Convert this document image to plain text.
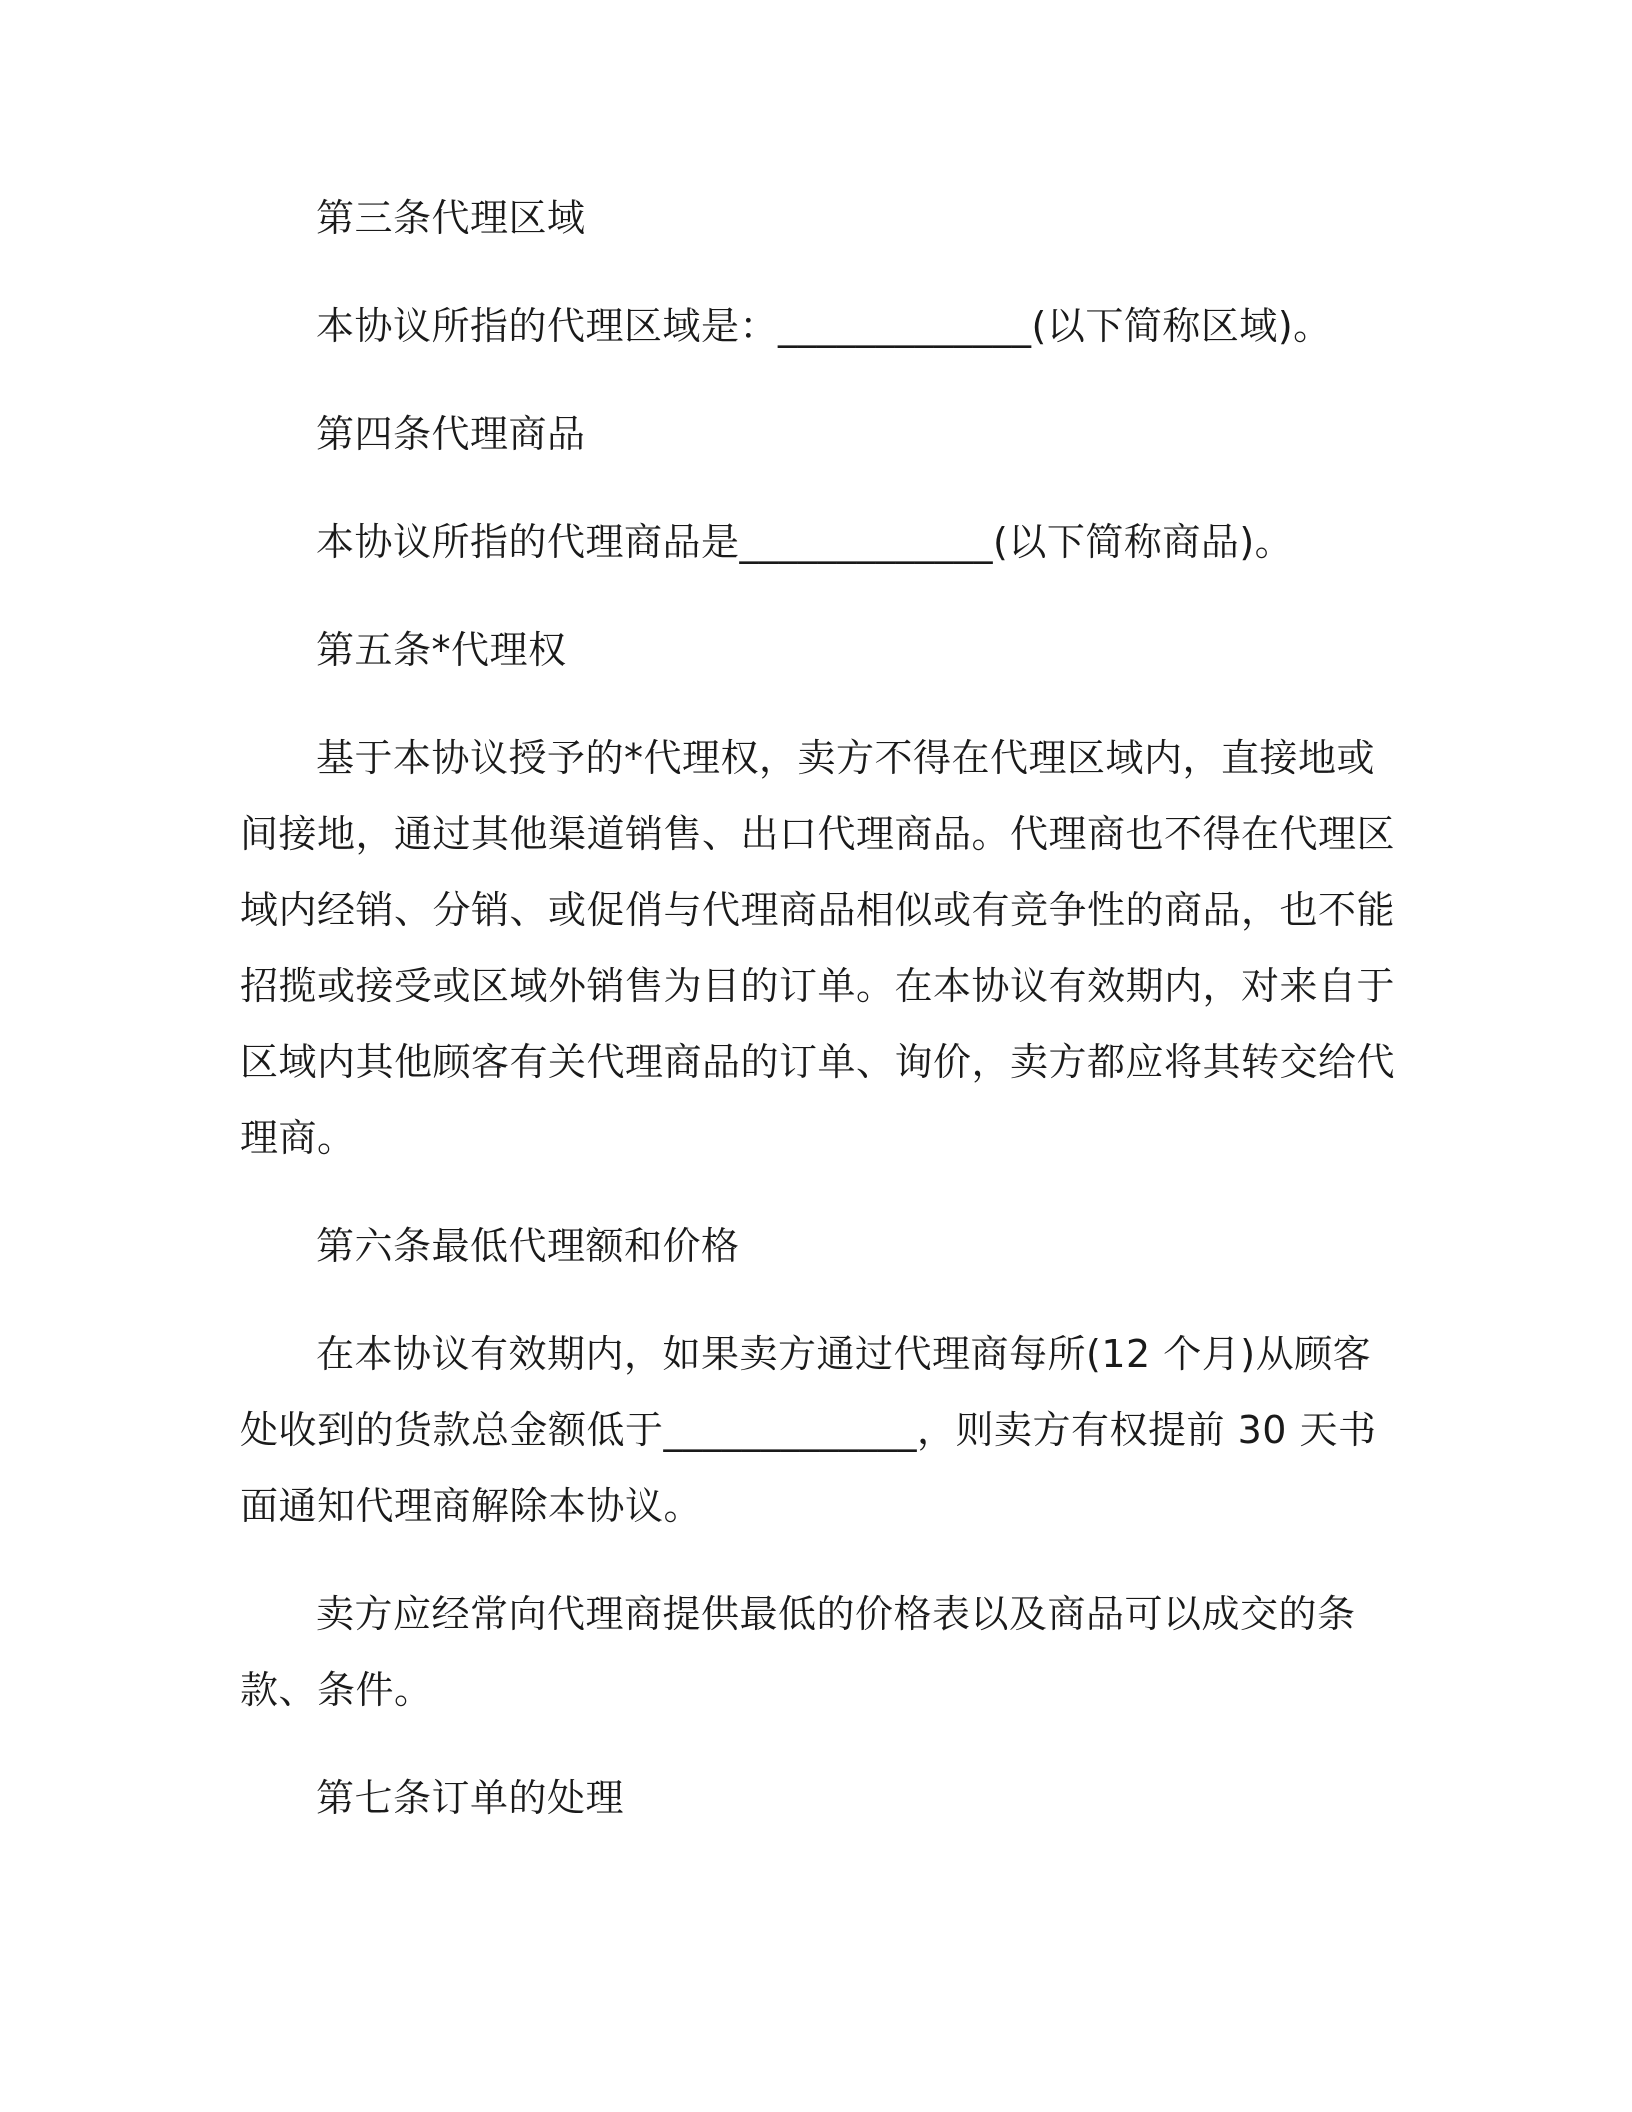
第三条代理区域

本协议所指的代理区域是：_____________(以下简称区域)。

第四条代理商品

本协议所指的代理商品是_____________(以下简称商品)。

第五条*代理权

基于本协议授予的*代理权，卖方不得在代理区域内，直接地或间接地，通过其他渠道销售、出口代理商品。代理商也不得在代理区域内经销、分销、或促俏与代理商品相似或有竞争性的商品，也不能招揽或接受或区域外销售为目的订单。在本协议有效期内，对来自于区域内其他顾客有关代理商品的订单、询价，卖方都应将其转交给代理商。

第六条最低代理额和价格

在本协议有效期内，如果卖方通过代理商每所(12 个月)从顾客处收到的货款总金额低于_____________，则卖方有权提前 30 天书面通知代理商解除本协议。

卖方应经常向代理商提供最低的价格表以及商品可以成交的条款、条件。

第七条订单的处理
